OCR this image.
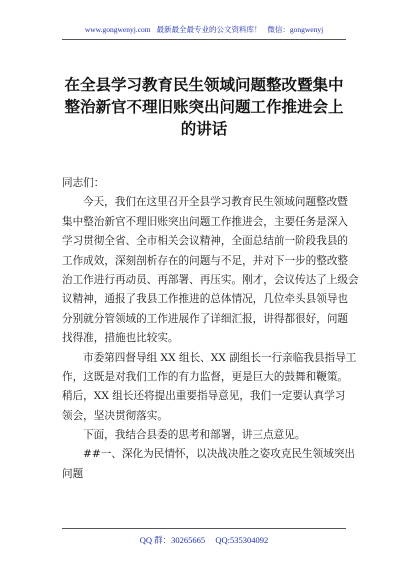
www.gongwenyj.com 最新最全最专业的公文资料库！ 微信：gongwenyj
在全县学习教育民生领域问题整改暨集中
整治新官不理旧账突出问题工作推进会上
的讲话
同志们：
今天，我们在这里召开全县学习教育民生领域问题整改暨
集中整治新官不理旧账突出问题工作推进会，主要任务是深入
学习贯彻全省、全市相关会议精神，全面总结前一阶段我县的
工作成效，深刻剖析存在的问题与不足，并对下一步的整改整
治工作进行再动员、再部署、再压实。刚才，会议传达了上级会
议精神，通报了我县工作推进的总体情况，几位牵头县领导也
分别就分管领域的工作进展作了详细汇报，讲得都很好，问题
找得准，措施也比较实。
市委第四督导组 XX 组长、XX 副组长一行亲临我县指导工
作，这既是对我们工作的有力监督，更是巨大的鼓舞和鞭策。
稍后，XX 组长还将提出重要指导意见，我们一定要认真学习
领会，坚决贯彻落实。
下面，我结合县委的思考和部署，讲三点意见。
##一、深化为民情怀，以决战决胜之姿攻克民生领域突出
问题
QQ 群：30265665 QQ:535304092
